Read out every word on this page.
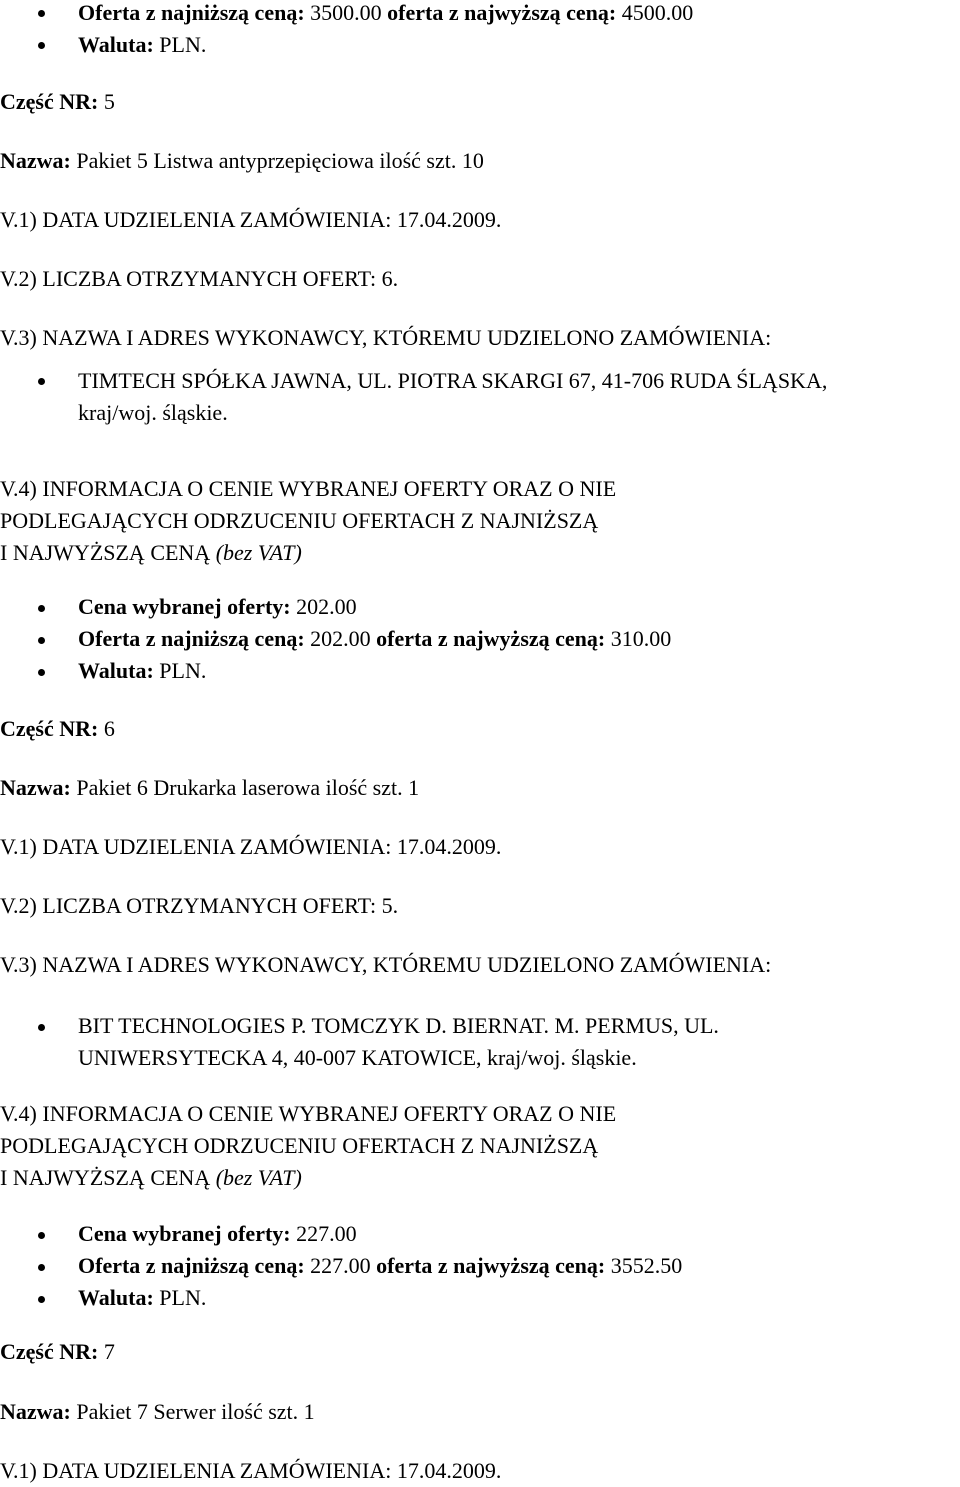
Oferta z najniższą ceną: 3500.00 oferta z najwyższą ceną: 4500.00
Waluta: PLN.
Część NR: 5
Nazwa: Pakiet 5 Listwa antyprzepięciowa ilość szt. 10
V.1) DATA UDZIELENIA ZAMÓWIENIA: 17.04.2009.
V.2) LICZBA OTRZYMANYCH OFERT: 6.
V.3) NAZWA I ADRES WYKONAWCY, KTÓREMU UDZIELONO ZAMÓWIENIA:
TIMTECH SPÓŁKA JAWNA, UL. PIOTRA SKARGI 67, 41-706 RUDA ŚLĄSKA,
kraj/woj. śląskie.
V.4) INFORMACJA O CENIE WYBRANEJ OFERTY ORAZ O NIE
PODLEGAJĄCYCH ODRZUCENIU OFERTACH Z NAJNIŻSZĄ
I NAJWYŻSZĄ CENĄ (bez VAT)
Cena wybranej oferty: 202.00
Oferta z najniższą ceną: 202.00 oferta z najwyższą ceną: 310.00
Waluta: PLN.
Część NR: 6
Nazwa: Pakiet 6 Drukarka laserowa ilość szt. 1
V.1) DATA UDZIELENIA ZAMÓWIENIA: 17.04.2009.
V.2) LICZBA OTRZYMANYCH OFERT: 5.
V.3) NAZWA I ADRES WYKONAWCY, KTÓREMU UDZIELONO ZAMÓWIENIA:
BIT TECHNOLOGIES P. TOMCZYK D. BIERNAT. M. PERMUS, UL.
UNIWERSYTECKA 4, 40-007 KATOWICE, kraj/woj. śląskie.
V.4) INFORMACJA O CENIE WYBRANEJ OFERTY ORAZ O NIE
PODLEGAJĄCYCH ODRZUCENIU OFERTACH Z NAJNIŻSZĄ
I NAJWYŻSZĄ CENĄ (bez VAT)
Cena wybranej oferty: 227.00
Oferta z najniższą ceną: 227.00 oferta z najwyższą ceną: 3552.50
Waluta: PLN.
Część NR: 7
Nazwa: Pakiet 7 Serwer ilość szt. 1
V.1) DATA UDZIELENIA ZAMÓWIENIA: 17.04.2009.
